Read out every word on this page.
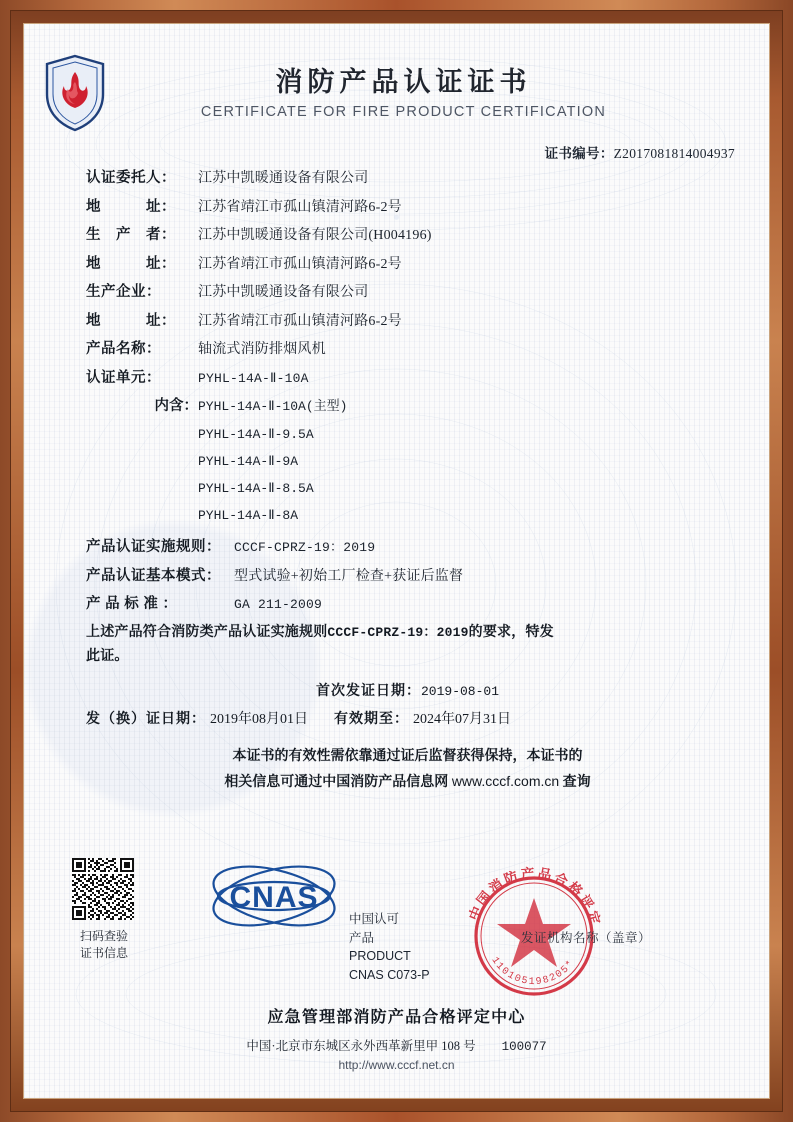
消防产品认证证书
CERTIFICATE FOR FIRE PRODUCT CERTIFICATION
证书编号：Z2017081814004937
认证委托人：	江苏中凯暖通设备有限公司
地　　　址：	江苏省靖江市孤山镇清河路6-2号
生　产　者：	江苏中凯暖通设备有限公司(H004196)
地　　　址：	江苏省靖江市孤山镇清河路6-2号
生产企业：	江苏中凯暖通设备有限公司
地　　　址：	江苏省靖江市孤山镇清河路6-2号
产品名称：	轴流式消防排烟风机
认证单元：	PYHL-14A-Ⅱ-10A
内含： PYHL-14A-Ⅱ-10A(主型)
PYHL-14A-Ⅱ-9.5A
PYHL-14A-Ⅱ-9A
PYHL-14A-Ⅱ-8.5A
PYHL-14A-Ⅱ-8A
产品认证实施规则：	CCCF-CPRZ-19：2019
产品认证基本模式： 型式试验+初始工厂检查+获证后监督
产 品 标 准 ：	GA 211-2009
上述产品符合消防类产品认证实施规则CCCF-CPRZ-19：2019的要求，特发
此证。
首次发证日期：2019-08-01
发（换）证日期： 2019年08月01日 有效期至： 2024年07月31日
本证书的有效性需依靠通过证后监督获得保持，本证书的
相关信息可通过中国消防产品信息网 www.cccf.com.cn 查询
扫码查验
证书信息
CNAS
中国认可
产品
PRODUCT
CNAS C073-P
中国消防产品合格评定
110105198205*
发证机构名称（盖章）
应急管理部消防产品合格评定中心
中国·北京市东城区永外西革新里甲 108 号 100077
http://www.cccf.net.cn
